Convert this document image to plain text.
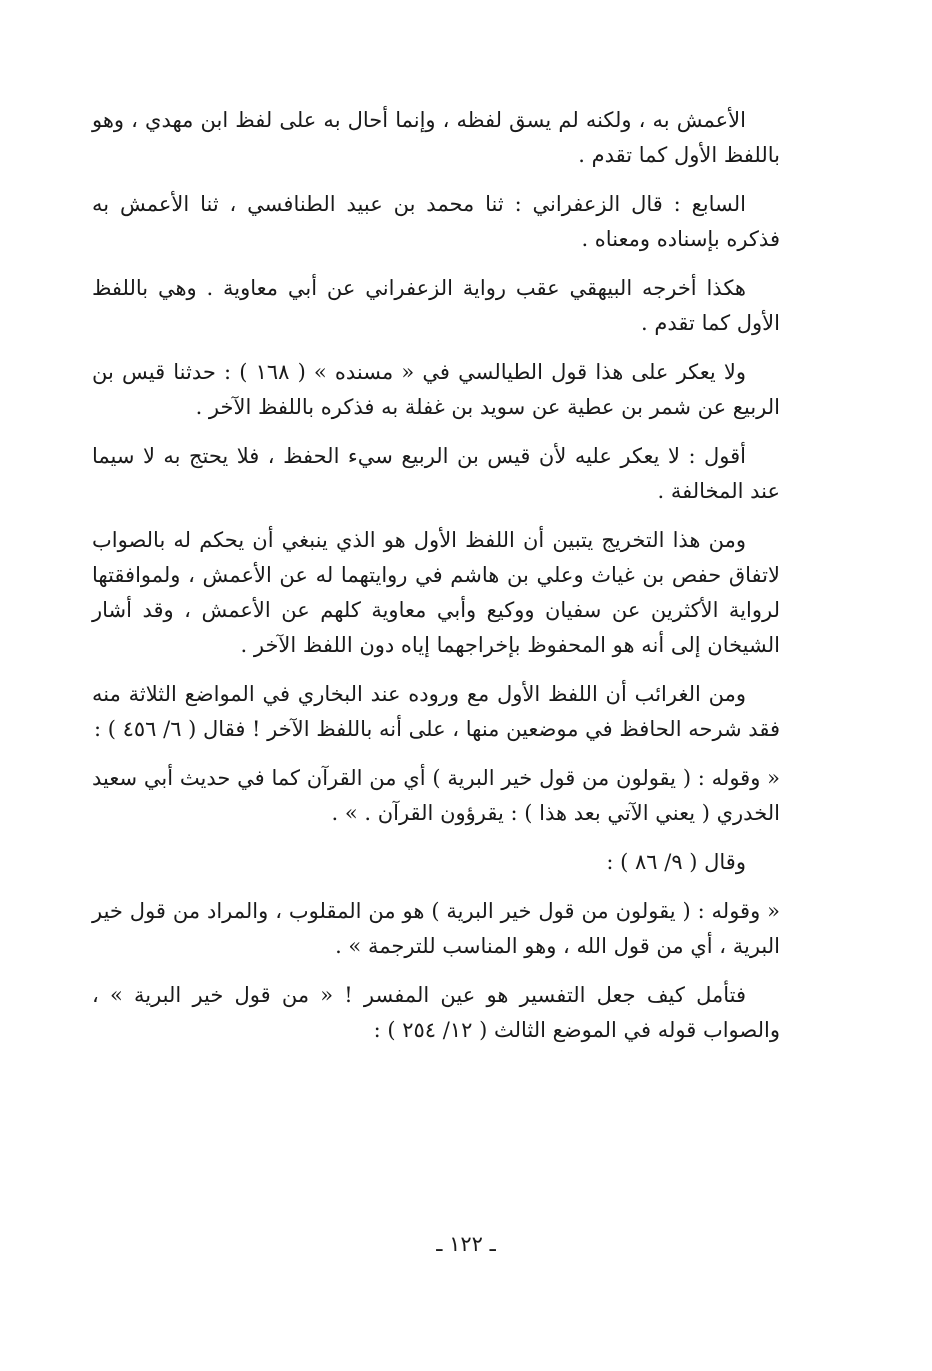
الأعمش به ، ولكنه لم يسق لفظه ، وإنما أحال به على لفظ ابن مهدي ، وهو باللفظ الأول كما تقدم .

السابع : قال الزعفراني : ثنا محمد بن عبيد الطنافسي ، ثنا الأعمش به فذكره بإسناده ومعناه .

هكذا أخرجه البيهقي عقب رواية الزعفراني عن أبي معاوية . وهي باللفظ الأول كما تقدم .

ولا يعكر على هذا قول الطيالسي في « مسنده » ( ١٦٨ ) : حدثنا قيس بن الربيع عن شمر بن عطية عن سويد بن غفلة به فذكره باللفظ الآخر .

أقول : لا يعكر عليه لأن قيس بن الربيع سيء الحفظ ، فلا يحتج به لا سيما عند المخالفة .

ومن هذا التخريج يتبين أن اللفظ الأول هو الذي ينبغي أن يحكم له بالصواب لاتفاق حفص بن غياث وعلي بن هاشم في روايتهما له عن الأعمش ، ولموافقتها لرواية الأكثرين عن سفيان ووكيع وأبي معاوية كلهم عن الأعمش ، وقد أشار الشيخان إلى أنه هو المحفوظ بإخراجهما إياه دون اللفظ الآخر .

ومن الغرائب أن اللفظ الأول مع وروده عند البخاري في المواضع الثلاثة منه فقد شرحه الحافظ في موضعين منها ، على أنه باللفظ الآخر ! فقال ( ٦/ ٤٥٦ ) :

« وقوله : ( يقولون من قول خير البرية ) أي من القرآن كما في حديث أبي سعيد الخدري ( يعني الآتي بعد هذا ) : يقرؤون القرآن . » .

وقال ( ٩/ ٨٦ ) :

« وقوله : ( يقولون من قول خير البرية ) هو من المقلوب ، والمراد من قول خير البرية ، أي من قول الله ، وهو المناسب للترجمة » .

فتأمل كيف جعل التفسير هو عين المفسر ! « من قول خير البرية » ، والصواب قوله في الموضع الثالث ( ١٢/ ٢٥٤ ) :

ـ ١٢٢ ـ
